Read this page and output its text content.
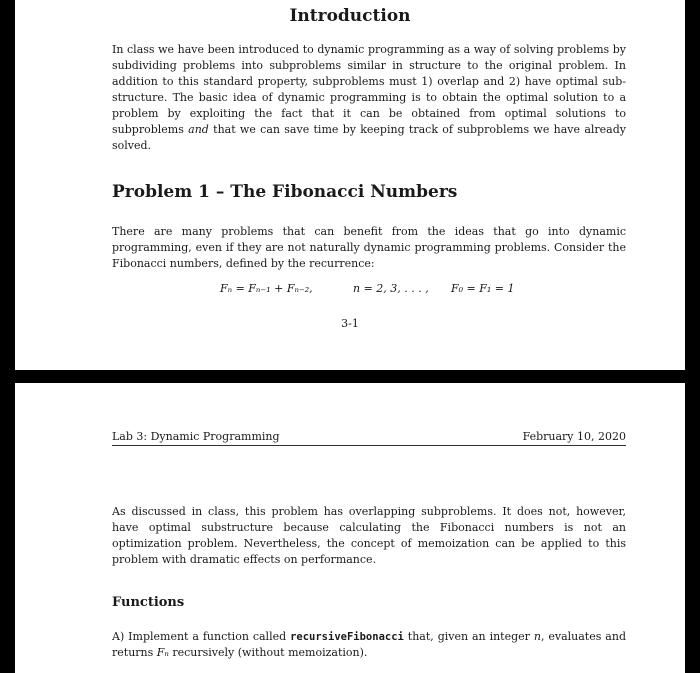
Introduction

In class we have been introduced to dynamic programming as a way of solving problems by subdividing problems into subproblems similar in structure to the original problem. In addition to this standard property, subproblems must 1) overlap and 2) have optimal sub-structure. The basic idea of dynamic programming is to obtain the optimal solution to a problem by exploiting the fact that it can be obtained from optimal solutions to subproblems and that we can save time by keeping track of subproblems we have already solved.

Problem 1 – The Fibonacci Numbers

There are many problems that can benefit from the ideas that go into dynamic programming, even if they are not naturally dynamic programming problems. Consider the Fibonacci numbers, defined by the recurrence:

Fₙ = Fₙ₋₁ + Fₙ₋₂,	n = 2, 3, . . . , F₀ = F₁ = 1

3-1

Lab 3: Dynamic Programming	February 10, 2020

As discussed in class, this problem has overlapping subproblems. It does not, however, have optimal substructure because calculating the Fibonacci numbers is not an optimization problem. Nevertheless, the concept of memoization can be applied to this problem with dramatic effects on performance.

Functions

A) Implement a function called recursiveFibonacci that, given an integer n, evaluates and returns Fₙ recursively (without memoization).
